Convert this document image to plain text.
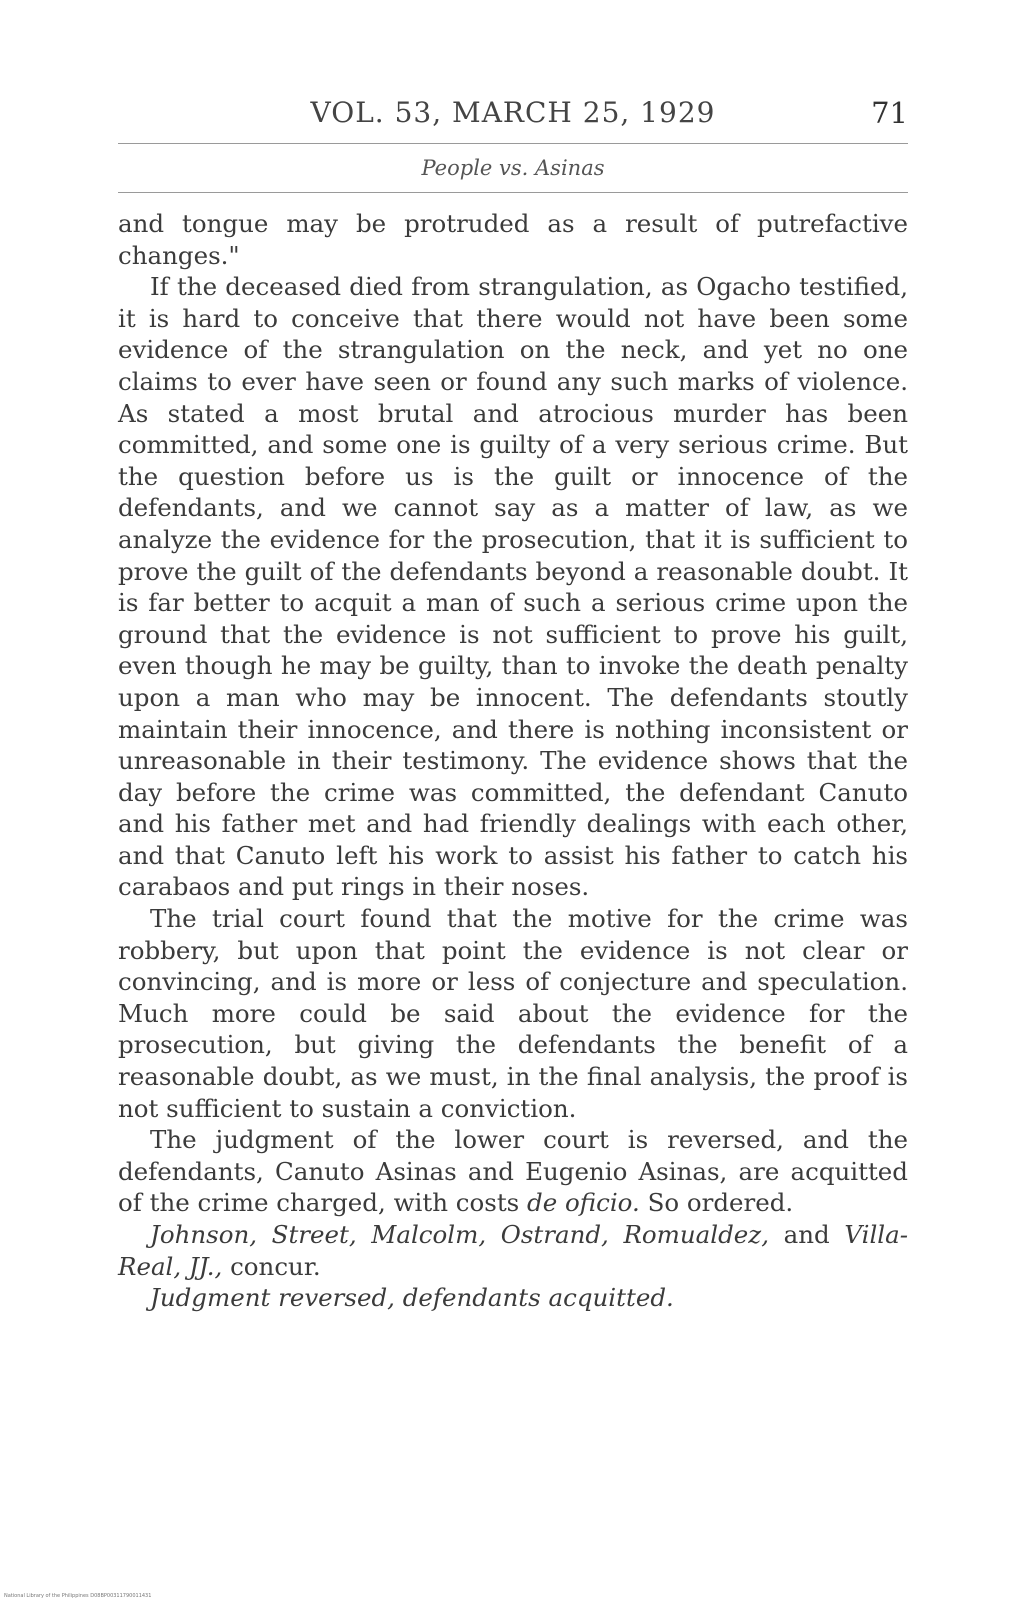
VOL. 53, MARCH 25, 1929	71
People vs. Asinas

and tongue may be protruded as a result of putrefactive changes."

If the deceased died from strangulation, as Ogacho testified, it is hard to conceive that there would not have been some evidence of the strangulation on the neck, and yet no one claims to ever have seen or found any such marks of violence. As stated a most brutal and atrocious murder has been committed, and some one is guilty of a very serious crime. But the question before us is the guilt or innocence of the defendants, and we cannot say as a matter of law, as we analyze the evidence for the prosecution, that it is sufficient to prove the guilt of the defendants beyond a reasonable doubt. It is far better to acquit a man of such a serious crime upon the ground that the evidence is not sufficient to prove his guilt, even though he may be guilty, than to invoke the death penalty upon a man who may be innocent. The defendants stoutly maintain their innocence, and there is nothing inconsistent or unreasonable in their testimony. The evidence shows that the day before the crime was committed, the defendant Canuto and his father met and had friendly dealings with each other, and that Canuto left his work to assist his father to catch his carabaos and put rings in their noses.

The trial court found that the motive for the crime was robbery, but upon that point the evidence is not clear or convincing, and is more or less of conjecture and speculation. Much more could be said about the evidence for the prosecution, but giving the defendants the benefit of a reasonable doubt, as we must, in the final analysis, the proof is not sufficient to sustain a conviction.

The judgment of the lower court is reversed, and the defendants, Canuto Asinas and Eugenio Asinas, are acquitted of the crime charged, with costs de oficio. So ordered.

Johnson, Street, Malcolm, Ostrand, Romualdez, and Villa-Real, JJ., concur.

Judgment reversed, defendants acquitted.

National Library of the Philippines D08BP00311790011431
